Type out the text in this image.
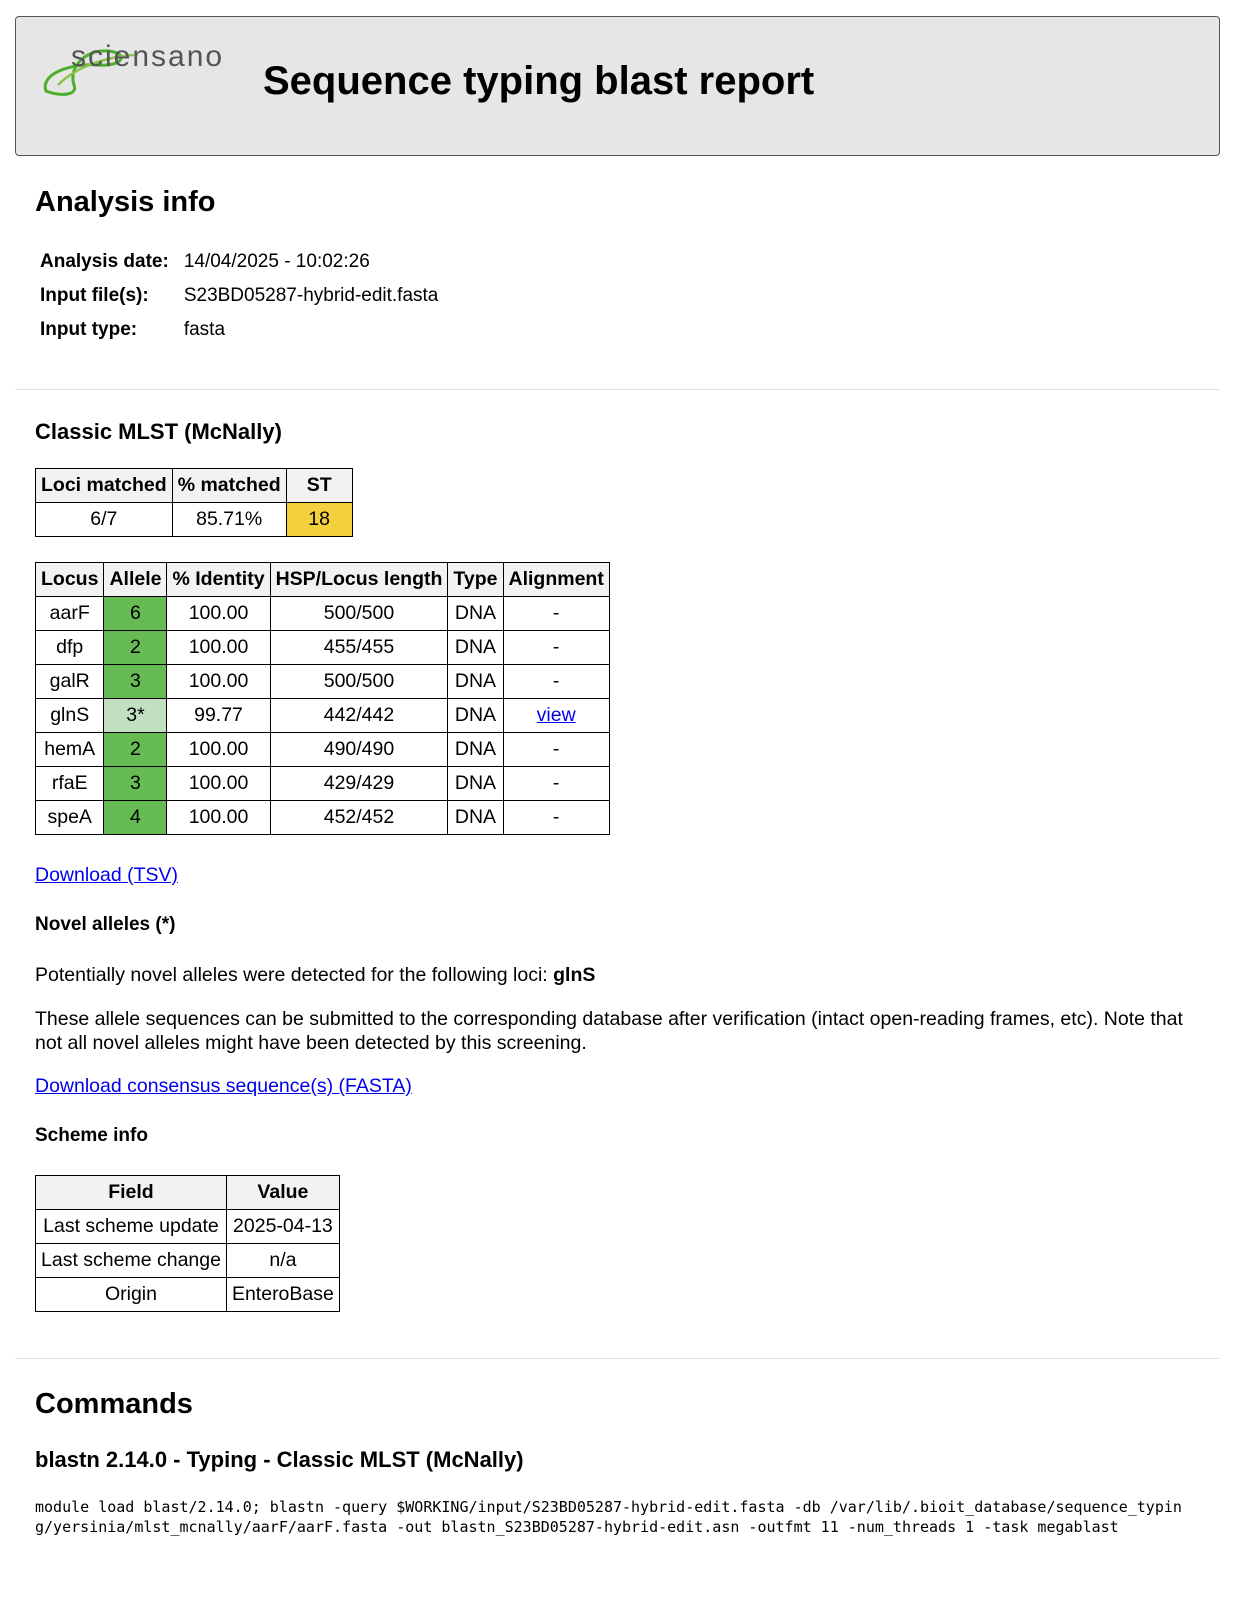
sciensano
Sequence typing blast report
Analysis info
Analysis date:	14/04/2025 - 10:02:26
Input file(s):	S23BD05287-hybrid-edit.fasta
Input type:	fasta
Classic MLST (McNally)
Loci matched	% matched	ST
6/7	85.71%	18
Locus	Allele	% Identity	HSP/Locus length	Type	Alignment
aarF	6	100.00	500/500	DNA	-
dfp	2	100.00	455/455	DNA	-
galR	3	100.00	500/500	DNA	-
glnS	3*	99.77	442/442	DNA	view
hemA	2	100.00	490/490	DNA	-
rfaE	3	100.00	429/429	DNA	-
speA	4	100.00	452/452	DNA	-

Download (TSV)

Novel alleles (*)

Potentially novel alleles were detected for the following loci: glnS

These allele sequences can be submitted to the corresponding database after verification (intact open-reading frames, etc). Note that not all novel alleles might have been detected by this screening.

Download consensus sequence(s) (FASTA)

Scheme info
Field	Value
Last scheme update	2025-04-13
Last scheme change	n/a
Origin	EnteroBase
Commands
blastn 2.14.0 - Typing - Classic MLST (McNally)
module load blast/2.14.0; blastn -query $WORKING/input/S23BD05287-hybrid-edit.fasta -db /var/lib/.bioit_database/sequence_typing/yersinia/mlst_mcnally/aarF/aarF.fasta -out blastn_S23BD05287-hybrid-edit.asn -outfmt 11 -num_threads 1 -task megablast
